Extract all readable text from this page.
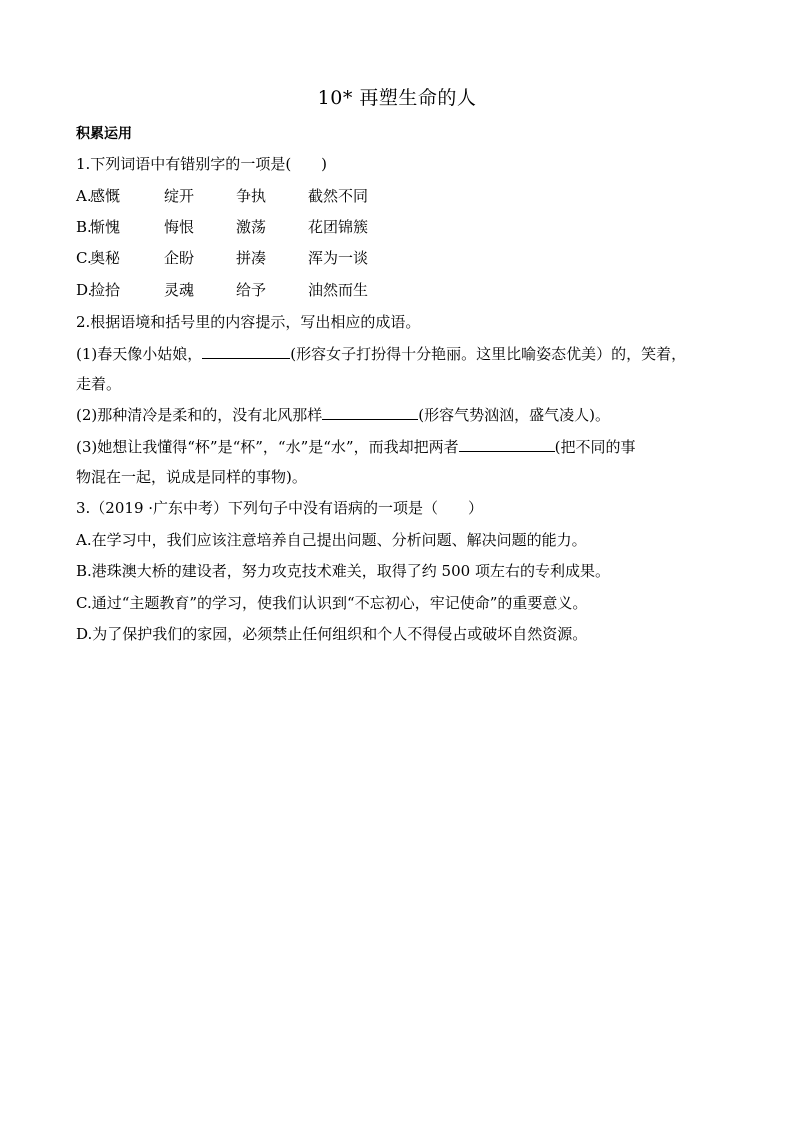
10* 再塑生命的人
积累运用
1.下列词语中有错别字的一项是(　　)
A.
感慨	绽开	争执	截然不同
B.
惭愧	悔恨	激荡	花团锦簇
C.
奥秘	企盼	拼凑	浑为一谈
D.
捡拾	灵魂	给予	油然而生
2.根据语境和括号里的内容提示，写出相应的成语。
(1)春天像小姑娘，	(形容女子打扮得十分艳丽。这里比喻姿态优美）的，笑着，
走着。
(2)那种清冷是柔和的，没有北风那样	(形容气势汹汹，盛气凌人)。
(3)她想让我懂得“杯”是“杯”，“水”是“水”，而我却把两者	(把不同的事
物混在一起，说成是同样的事物)。
3.（2019 ·广东中考）下列句子中没有语病的一项是（　　）
A.在学习中，我们应该注意培养自己提出问题、分析问题、解决问题的能力。
B.港珠澳大桥的建设者，努力攻克技术难关，取得了约 500 项左右的专利成果。
C.通过“主题教育”的学习，使我们认识到“不忘初心，牢记使命”的重要意义。
D.为了保护我们的家园，必须禁止任何组织和个人不得侵占或破坏自然资源。
